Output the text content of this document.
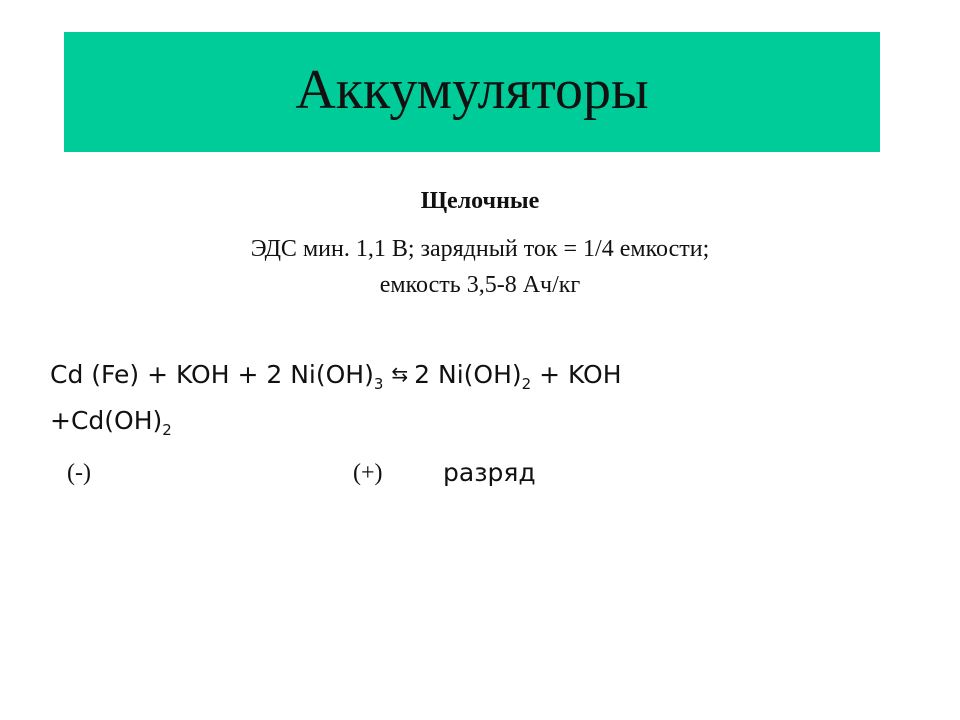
Аккумуляторы
Щелочные
ЭДС мин. 1,1 В; зарядный ток = 1/4 емкости;
емкость 3,5-8 Ач/кг
Cd (Fe) + KOH + 2 $Ni(OH)_3$ ⇆ 2 $Ni(OH)_2$ + KOH
$+Cd(OH)_2$
(-)	(+) разряд
